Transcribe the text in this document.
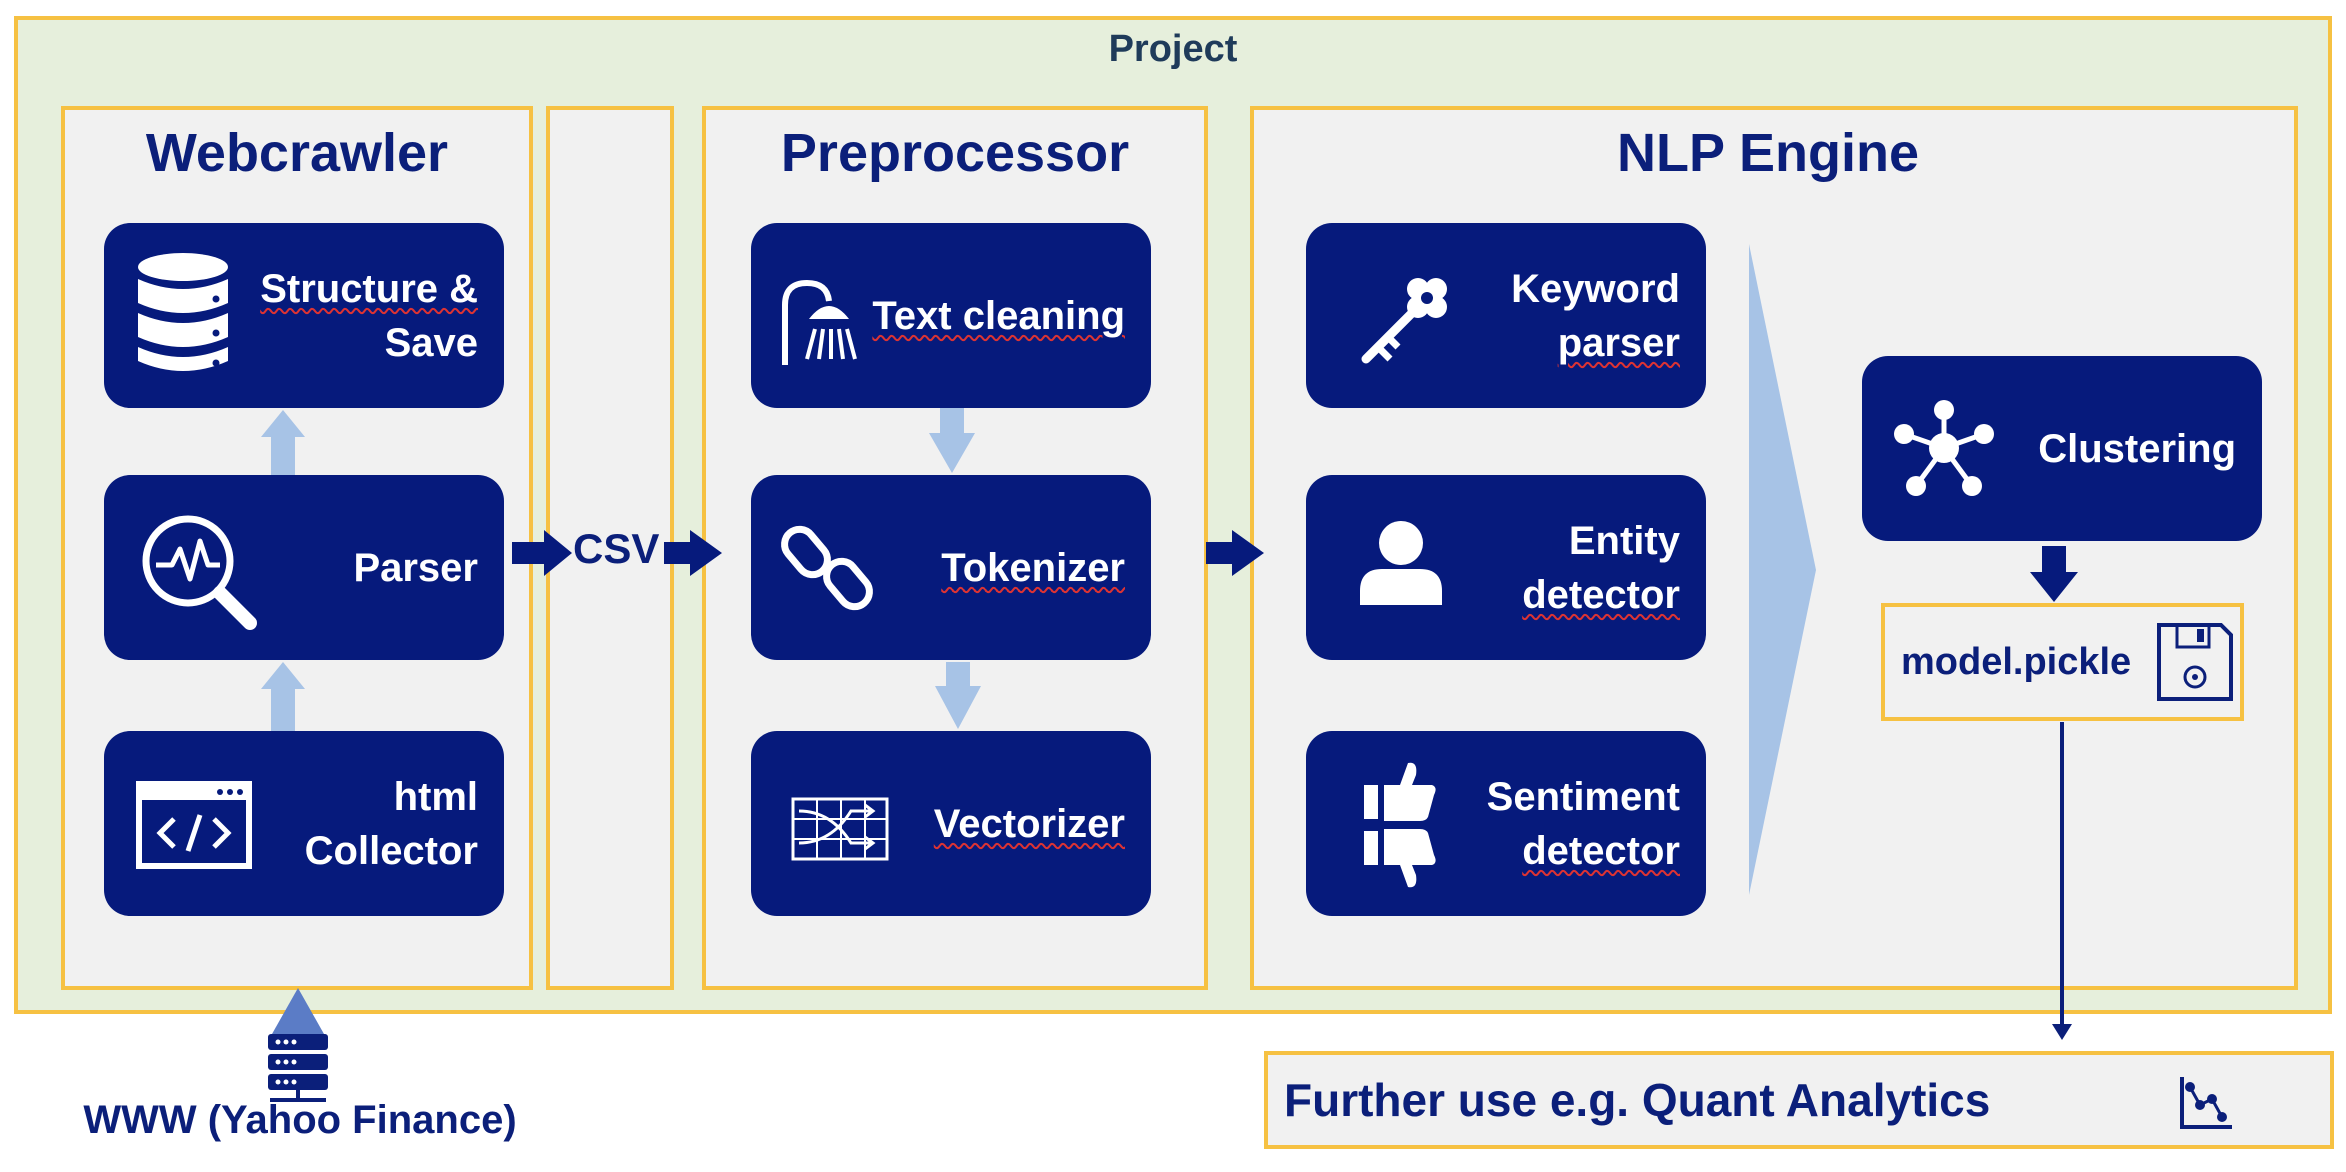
Project
Webcrawler	Preprocessor	NLP Engine
Structure &
Save
Parser
html
Collector
Text cleaning
Tokenizer
Vectorizer
Keyword
parser
Entity
detector
Sentiment
detector
Clustering
model.pickle
Further use e.g. Quant Analytics
CSV
WWW (Yahoo Finance)
